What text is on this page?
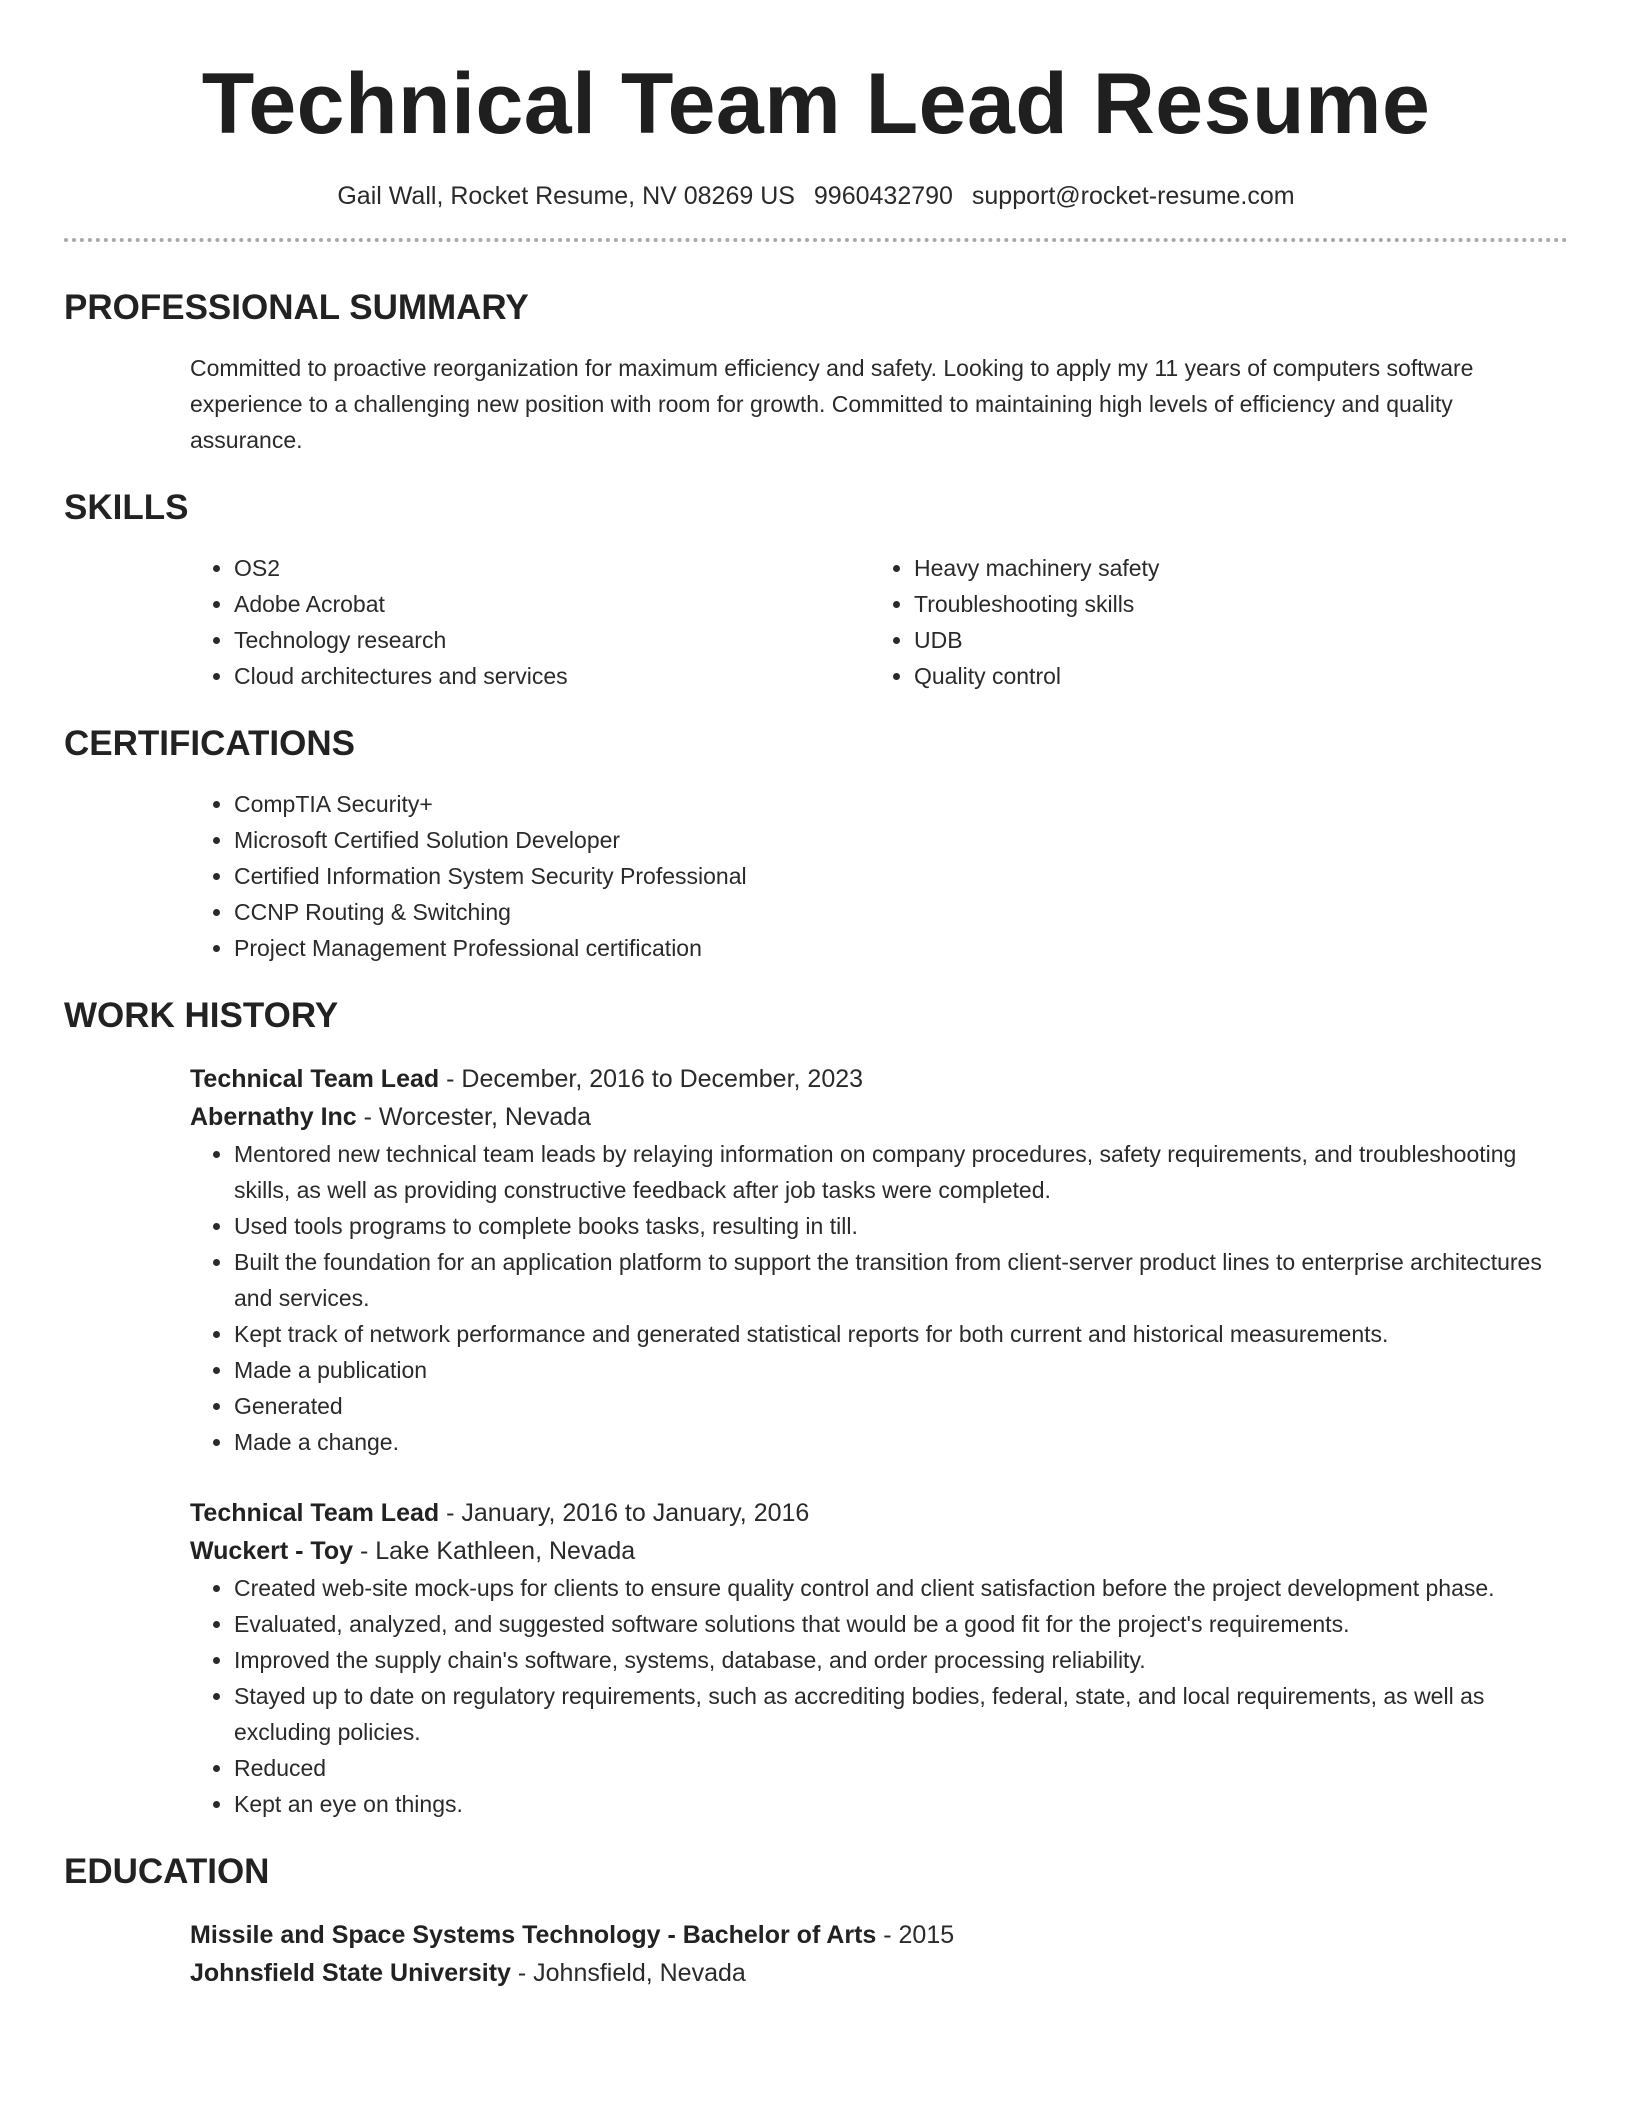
Technical Team Lead Resume
Gail Wall, Rocket Resume, NV 08269 US 9960432790 support@rocket-resume.com
PROFESSIONAL SUMMARY
Committed to proactive reorganization for maximum efficiency and safety. Looking to apply my 11 years of computers software experience to a challenging new position with room for growth. Committed to maintaining high levels of efficiency and quality assurance.
SKILLS
• OS2
• Adobe Acrobat
• Technology research
• Cloud architectures and services
• Heavy machinery safety
• Troubleshooting skills
• UDB
• Quality control
CERTIFICATIONS
• CompTIA Security+
• Microsoft Certified Solution Developer
• Certified Information System Security Professional
• CCNP Routing & Switching
• Project Management Professional certification
WORK HISTORY
Technical Team Lead - December, 2016 to December, 2023
Abernathy Inc - Worcester, Nevada
• Mentored new technical team leads by relaying information on company procedures, safety requirements, and troubleshooting skills, as well as providing constructive feedback after job tasks were completed.
• Used tools programs to complete books tasks, resulting in till.
• Built the foundation for an application platform to support the transition from client-server product lines to enterprise architectures and services.
• Kept track of network performance and generated statistical reports for both current and historical measurements.
• Made a publication
• Generated
• Made a change.
Technical Team Lead - January, 2016 to January, 2016
Wuckert - Toy - Lake Kathleen, Nevada
• Created web-site mock-ups for clients to ensure quality control and client satisfaction before the project development phase.
• Evaluated, analyzed, and suggested software solutions that would be a good fit for the project's requirements.
• Improved the supply chain's software, systems, database, and order processing reliability.
• Stayed up to date on regulatory requirements, such as accrediting bodies, federal, state, and local requirements, as well as excluding policies.
• Reduced
• Kept an eye on things.
EDUCATION
Missile and Space Systems Technology - Bachelor of Arts - 2015
Johnsfield State University - Johnsfield, Nevada
